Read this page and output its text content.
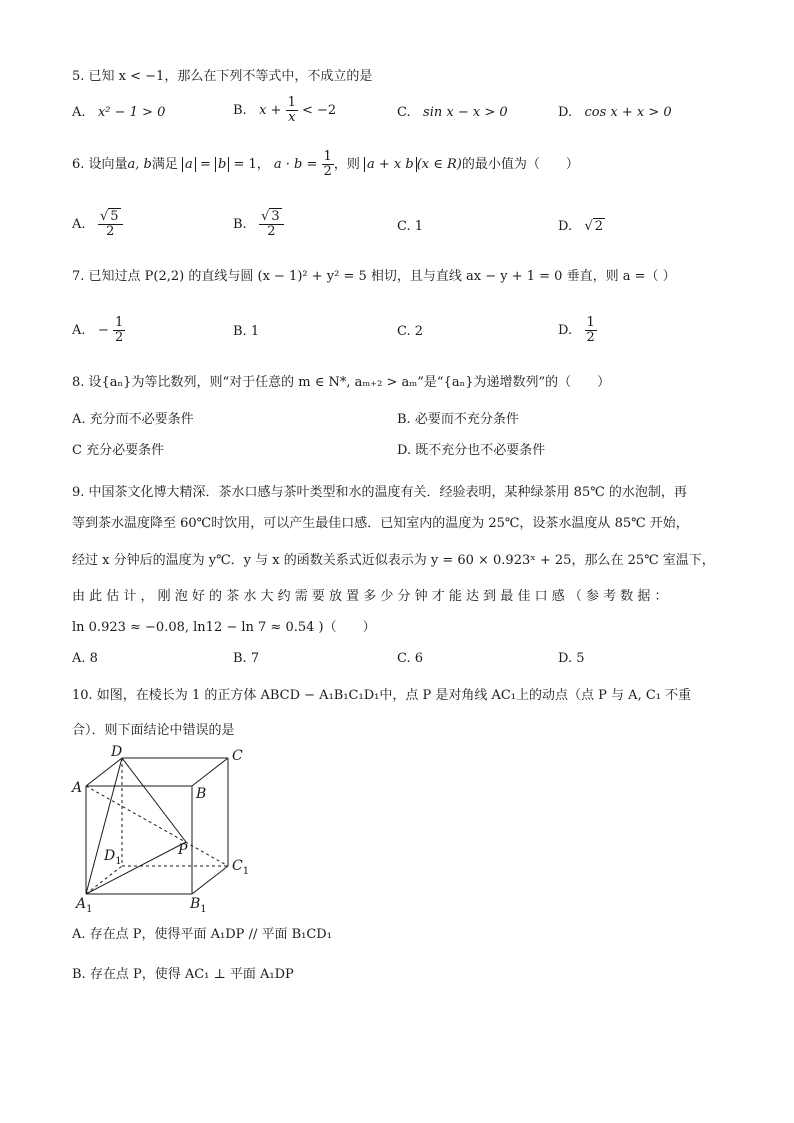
5. 已知 x < −1，那么在下列不等式中，不成立的是
A. x² − 1 > 0	B. $x + \frac{1}{x} < -2$	C. sin x − x > 0	D. cos x + x > 0
6. 设向量a, b满足 a = b = 1， $a \cdot b = \frac{1}{2}$ ，则 a + x b (x ∈ R)的最小值为（　　）
A. $\frac{√ 5}{2}$	B. $\frac{√ 3}{2}$	C. 1	D.   √ 2
7. 已知过点 P(2,2) 的直线与圆 (x − 1)² + y² = 5 相切，且与直线 ax − y + 1 = 0 垂直，则 a =（ ）
A. − $\frac{1}{2}$	B. 1	C. 2	D. $\frac{1}{2}$
8. 设{aₙ}为等比数列，则“对于任意的 m ∈ N*, aₘ₊₂ > aₘ”是“{aₙ}为递增数列”的（　　）
A. 充分而不必要条件	B. 必要而不充分条件
C 充分必要条件	D. 既不充分也不必要条件
9. 中国茶文化博大精深．茶水口感与茶叶类型和水的温度有关．经验表明，某种绿茶用 85℃ 的水泡制，再
等到茶水温度降至 60℃时饮用，可以产生最佳口感．已知室内的温度为 25℃，设茶水温度从 85℃ 开始，
经过 x 分钟后的温度为 y℃．y 与 x 的函数关系式近似表示为 y = 60 × 0.923ˣ + 25，那么在 25℃ 室温下，
由 此 估 计 ， 刚 泡 好 的 茶 水 大 约 需 要 放 置 多 少 分 钟 才 能 达 到 最 佳 口 感 （ 参 考 数 据 ：
ln 0.923 ≈ −0.08, ln12 − ln 7 ≈ 0.54 )（　　）
A. 8	B. 7	C. 6	D. 5
10. 如图，在棱长为 1 的正方体 ABCD − A₁B₁C₁D₁中，点 P 是对角线 AC₁上的动点（点 P 与 A, C₁ 不重
合）．则下面结论中错误的是
D	C
A	B
$D_1$
P
$C_1$
$A_1$	$B_1$
A. 存在点 P，使得平面 A₁DP // 平面 B₁CD₁
B. 存在点 P，使得 AC₁ ⊥ 平面 A₁DP
